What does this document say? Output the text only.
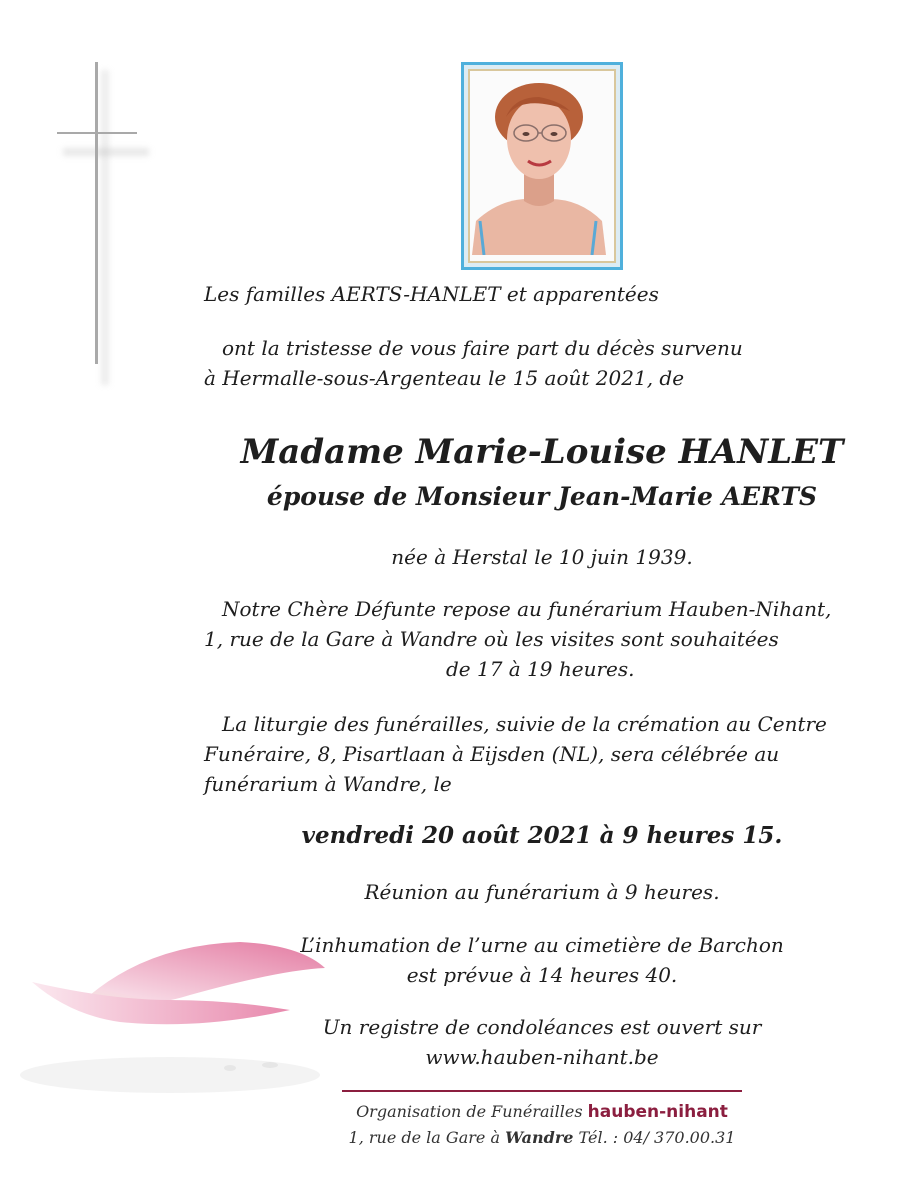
Les familles AERTS-HANLET et apparentées
ont la tristesse de vous faire part du décès survenu
à Hermalle-sous-Argenteau le 15 août 2021, de
Madame Marie-Louise HANLET
épouse de Monsieur Jean-Marie AERTS
née à Herstal le 10 juin 1939.
Notre Chère Défunte repose au funérarium Hauben-Nihant,
1, rue de la Gare à Wandre où les visites sont souhaitées
de 17 à 19 heures.
La liturgie des funérailles, suivie de la crémation au Centre
Funéraire, 8, Pisartlaan à Eijsden (NL), sera célébrée au
funérarium à Wandre, le
vendredi 20 août 2021 à 9 heures 15.
Réunion au funérarium à 9 heures.
L’inhumation de l’urne au cimetière de Barchon
est prévue à 14 heures 40.
Un registre de condoléances est ouvert sur
www.hauben-nihant.be
Organisation de Funérailles hauben-nihant
1, rue de la Gare à Wandre Tél. : 04/ 370.00.31
